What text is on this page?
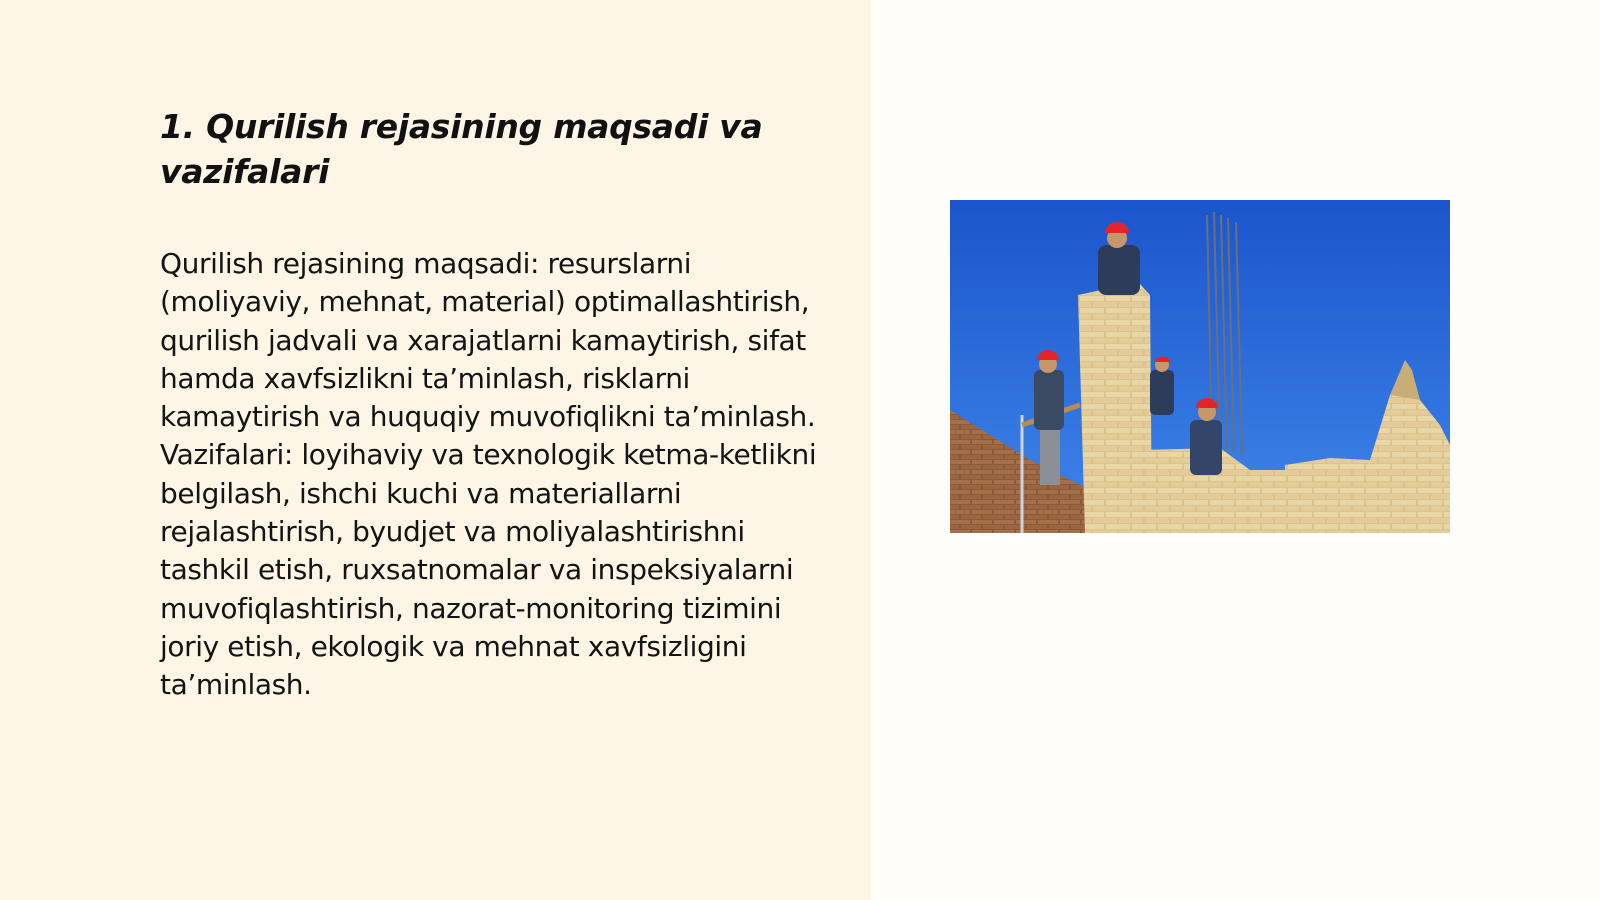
1. Qurilish rejasining maqsadi va vazifalari

Qurilish rejasining maqsadi: resurslarni (moliyaviy, mehnat, material) optimallashtirish, qurilish jadvali va xarajatlarni kamaytirish, sifat hamda xavfsizlikni ta’minlash, risklarni kamaytirish va huquqiy muvofiqlikni ta’minlash. Vazifalari: loyihaviy va texnologik ketma-ketlikni belgilash, ishchi kuchi va materiallarni rejalashtirish, byudjet va moliyalashtirishni tashkil etish, ruxsatnomalar va inspeksiyalarni muvofiqlashtirish, nazorat-monitoring tizimini joriy etish, ekologik va mehnat xavfsizligini ta’minlash.
